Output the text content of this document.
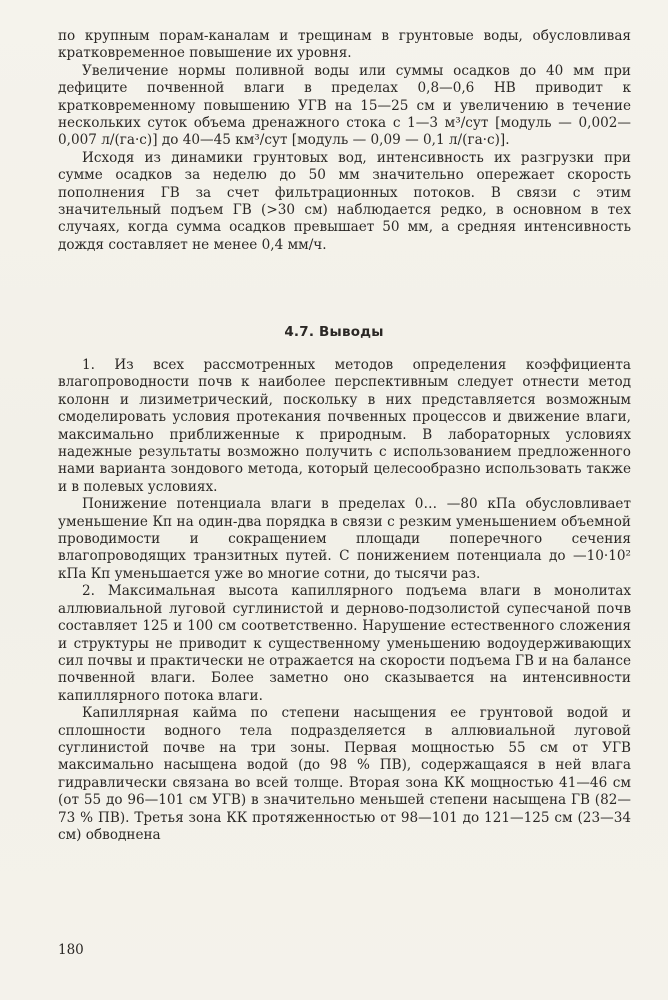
по крупным порам-каналам и трещинам в грунтовые воды, обусловливая кратковременное повышение их уровня.

Увеличение нормы поливной воды или суммы осадков до 40 мм при дефиците почвенной влаги в пределах 0,8—0,6 НВ приводит к кратковременному повышению УГВ на 15—25 см и увеличению в течение нескольких суток объема дренажного стока с 1—3 м³/сут [модуль — 0,002—0,007 л/(га·с)] до 40—45 км³/сут [модуль — 0,09 — 0,1 л/(га·с)].

Исходя из динамики грунтовых вод, интенсивность их разгрузки при сумме осадков за неделю до 50 мм значительно опережает скорость пополнения ГВ за счет фильтрационных потоков. В связи с этим значительный подъем ГВ (>30 см) наблюдается редко, в основном в тех случаях, когда сумма осадков превышает 50 мм, а средняя интенсивность дождя составляет не менее 0,4 мм/ч.

4.7. Выводы

1. Из всех рассмотренных методов определения коэффициента влагопроводности почв к наиболее перспективным следует отнести метод колонн и лизиметрический, поскольку в них представляется возможным смоделировать условия протекания почвенных процессов и движение влаги, максимально приближенные к природным. В лабораторных условиях надежные результаты возможно получить с использованием предложенного нами варианта зондового метода, который целесообразно использовать также и в полевых условиях.

Понижение потенциала влаги в пределах 0… —80 кПа обусловливает уменьшение Кп на один-два порядка в связи с резким уменьшением объемной проводимости и сокращением площади поперечного сечения влагопроводящих транзитных путей. С понижением потенциала до —10·10² кПа Кп уменьшается уже во многие сотни, до тысячи раз.

2. Максимальная высота капиллярного подъема влаги в монолитах аллювиальной луговой суглинистой и дерново-подзолистой супесчаной почв составляет 125 и 100 см соответственно. Нарушение естественного сложения и структуры не приводит к существенному уменьшению водоудерживающих сил почвы и практически не отражается на скорости подъема ГВ и на балансе почвенной влаги. Более заметно оно сказывается на интенсивности капиллярного потока влаги.

Капиллярная кайма по степени насыщения ее грунтовой водой и сплошности водного тела подразделяется в аллювиальной луговой суглинистой почве на три зоны. Первая мощностью 55 см от УГВ максимально насыщена водой (до 98 % ПВ), содержащаяся в ней влага гидравлически связана во всей толще. Вторая зона КК мощностью 41—46 см (от 55 до 96—101 см УГВ) в значительно меньшей степени насыщена ГВ (82—73 % ПВ). Третья зона КК протяженностью от 98—101 до 121—125 см (23—34 см) обводнена

180
